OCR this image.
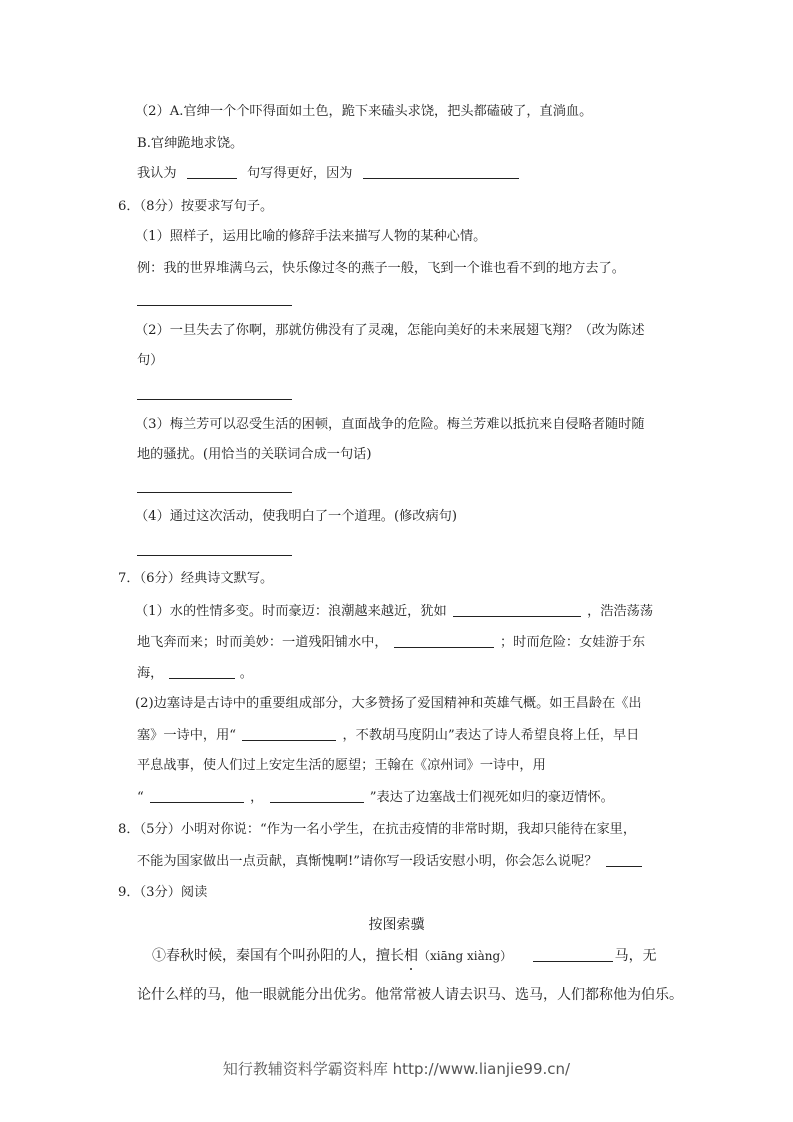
（2）A.官绅一个个吓得面如土色，跪下来磕头求饶，把头都磕破了，直淌血。
B.官绅跪地求饶。
我认为	句写得更好，因为
6．（8分）按要求写句子。
（1）照样子，运用比喻的修辞手法来描写人物的某种心情。
例：我的世界堆满乌云，快乐像过冬的燕子一般，飞到一个谁也看不到的地方去了。
（2）一旦失去了你啊，那就仿佛没有了灵魂，怎能向美好的未来展翅飞翔？（改为陈述
句）
（3）梅兰芳可以忍受生活的困顿，直面战争的危险。梅兰芳难以抵抗来自侵略者随时随
地的骚扰。(用恰当的关联词合成一句话)
（4）通过这次活动，使我明白了一个道理。(修改病句)
7．（6分）经典诗文默写。
（1）水的性情多变。时而豪迈：浪潮越来越近，犹如	，浩浩荡荡
地飞奔而来；时而美妙：一道残阳铺水中，	；时而危险：女娃游于东
海，	。
(2)边塞诗是古诗中的重要组成部分，大多赞扬了爱国精神和英雄气概。如王昌龄在《出
塞》一诗中，用“	，不教胡马度阴山”表达了诗人希望良将上任，早日
平息战事，使人们过上安定生活的愿望；王翰在《凉州词》一诗中，用
“	，	”表达了边塞战士们视死如归的豪迈情怀。
8．（5分）小明对你说：“作为一名小学生，在抗击疫情的非常时期，我却只能待在家里，
不能为国家做出一点贡献，真惭愧啊!”请你写一段话安慰小明，你会怎么说呢？
9．（3分）阅读
按图索骥
①春秋时候，秦国有个叫孙阳的人，擅长相（xiāng xiàng）	马，无
论什么样的马，他一眼就能分出优劣。他常常被人请去识马、选马，人们都称他为伯乐。
知行教辅资料学霸资料库 http://www.lianjie99.cn/
